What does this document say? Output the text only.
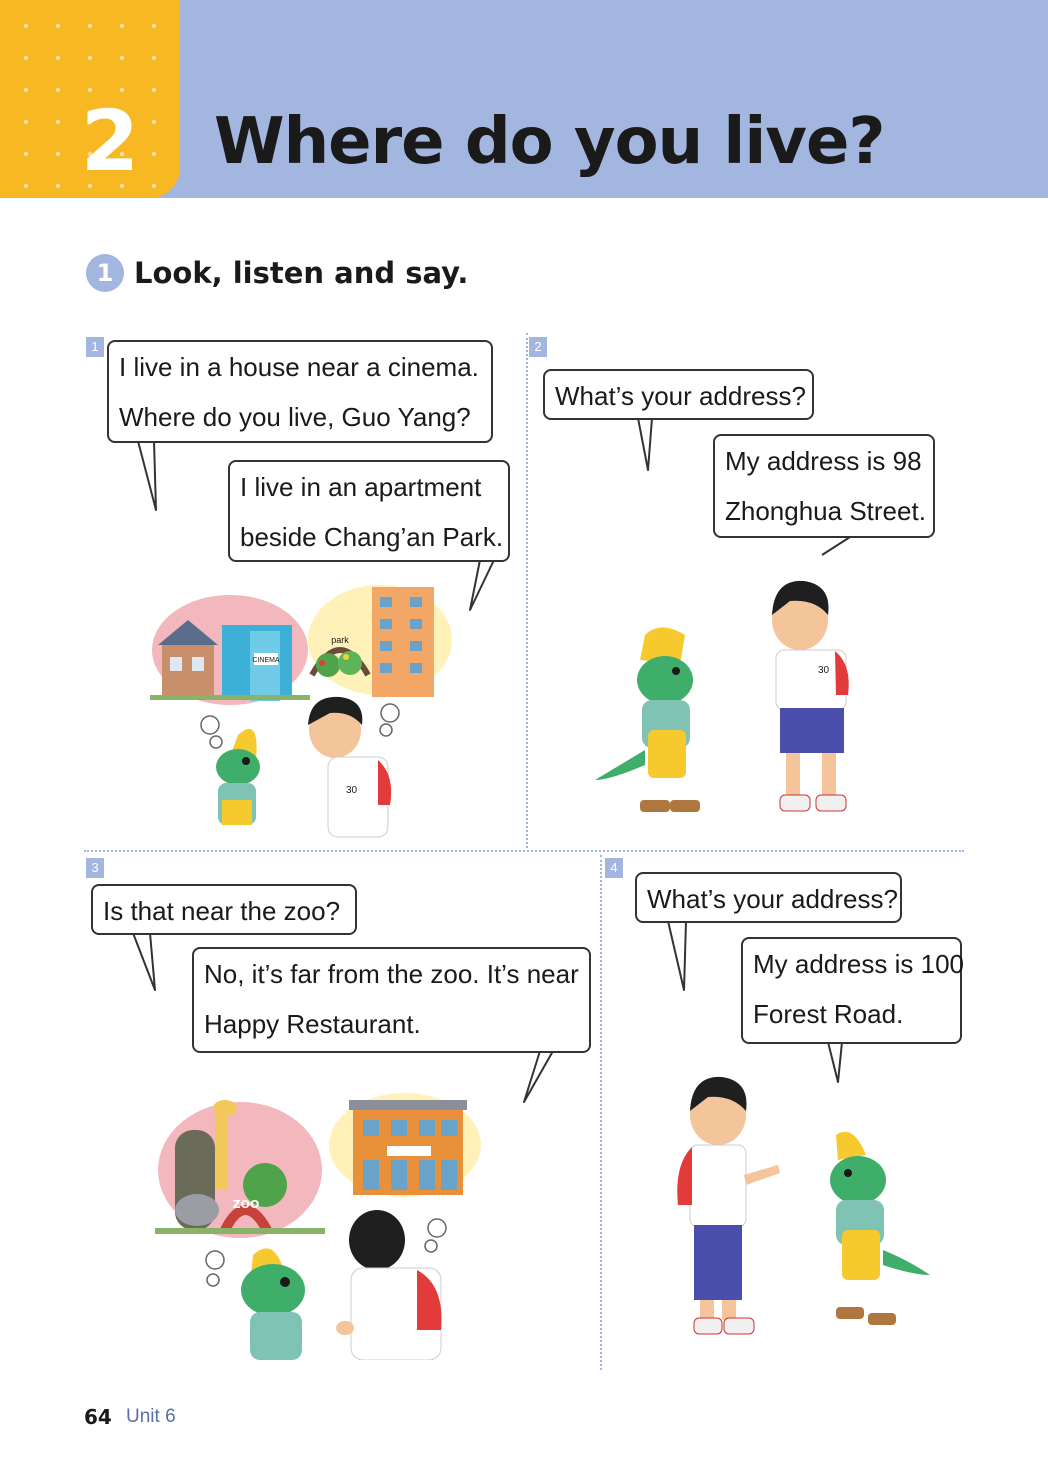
2 Where do you live?
1 Look, listen and say.
1	2
3	4
I live in a house near a cinema.
Where do you live, Guo Yang?
I live in an apartment
beside Chang’an Park.
What’s your address?
My address is 98
Zhonghua Street.
Is that near the zoo?
No, it’s far from the zoo. It’s near
Happy Restaurant.
What’s your address?
My address is 100
Forest Road.
CINEMA
park
30
30
ZOO
64 Unit 6
